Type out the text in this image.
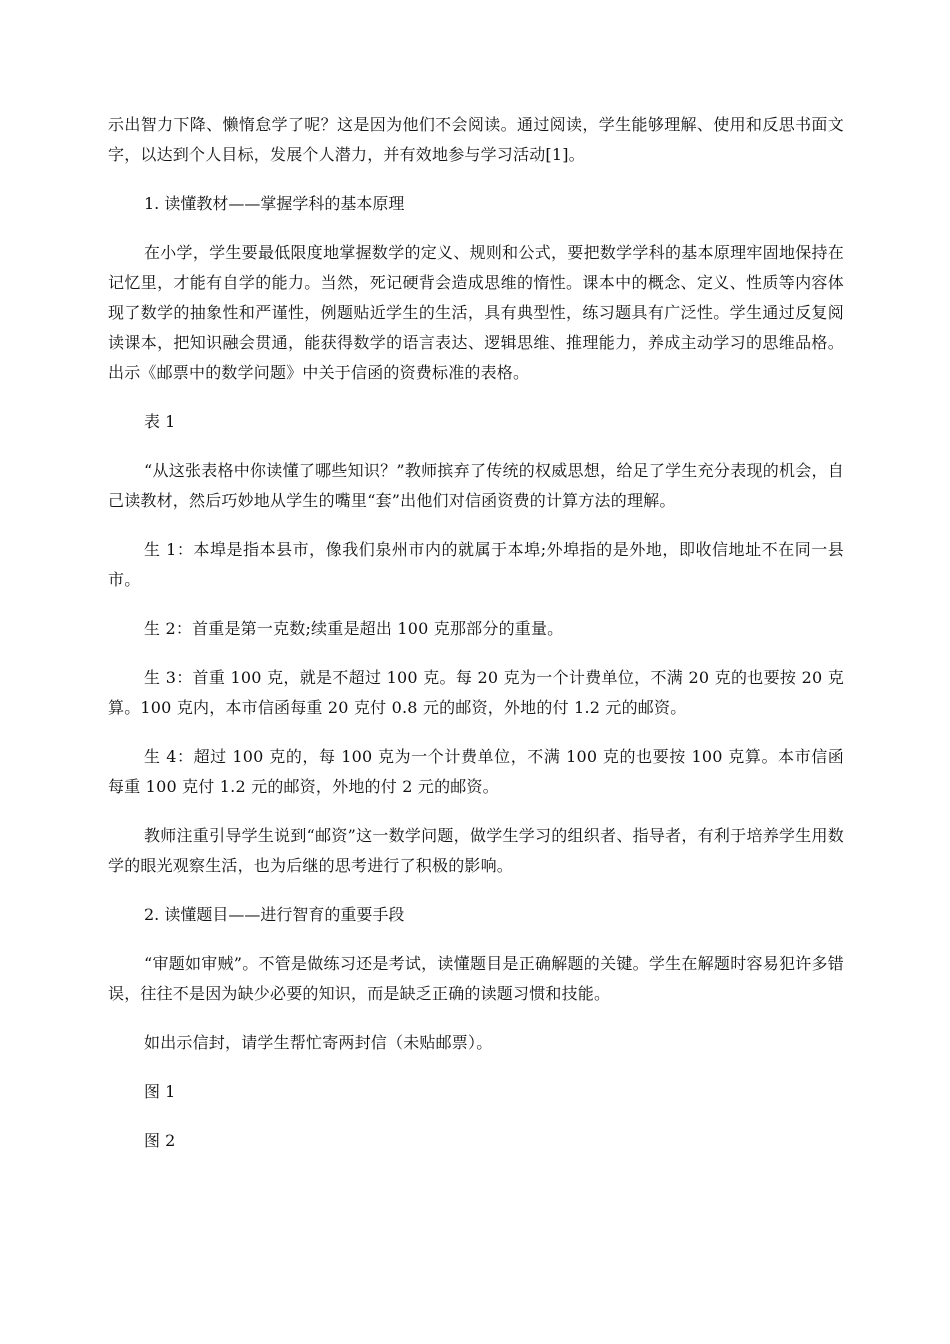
示出智力下降、懒惰怠学了呢？这是因为他们不会阅读。通过阅读，学生能够理解、使用和反思书面文字，以达到个人目标，发展个人潜力，并有效地参与学习活动[1]。

1. 读懂教材——掌握学科的基本原理

在小学，学生要最低限度地掌握数学的定义、规则和公式，要把数学学科的基本原理牢固地保持在记忆里，才能有自学的能力。当然，死记硬背会造成思维的惰性。课本中的概念、定义、性质等内容体现了数学的抽象性和严谨性，例题贴近学生的生活，具有典型性，练习题具有广泛性。学生通过反复阅读课本，把知识融会贯通，能获得数学的语言表达、逻辑思维、推理能力，养成主动学习的思维品格。出示《邮票中的数学问题》中关于信函的资费标准的表格。

表 1

“从这张表格中你读懂了哪些知识？”教师摈弃了传统的权威思想，给足了学生充分表现的机会，自己读教材，然后巧妙地从学生的嘴里“套”出他们对信函资费的计算方法的理解。

生 1：本埠是指本县市，像我们泉州市内的就属于本埠;外埠指的是外地，即收信地址不在同一县市。

生 2：首重是第一克数;续重是超出 100 克那部分的重量。

生 3：首重 100 克，就是不超过 100 克。每 20 克为一个计费单位，不满 20 克的也要按 20 克算。100 克内，本市信函每重 20 克付 0.8 元的邮资，外地的付 1.2 元的邮资。

生 4：超过 100 克的，每 100 克为一个计费单位，不满 100 克的也要按 100 克算。本市信函每重 100 克付 1.2 元的邮资，外地的付 2 元的邮资。

教师注重引导学生说到“邮资”这一数学问题，做学生学习的组织者、指导者，有利于培养学生用数学的眼光观察生活，也为后继的思考进行了积极的影响。

2. 读懂题目——进行智育的重要手段

“审题如审贼”。不管是做练习还是考试，读懂题目是正确解题的关键。学生在解题时容易犯许多错误，往往不是因为缺少必要的知识，而是缺乏正确的读题习惯和技能。

如出示信封，请学生帮忙寄两封信（未贴邮票）。

图 1

图 2
